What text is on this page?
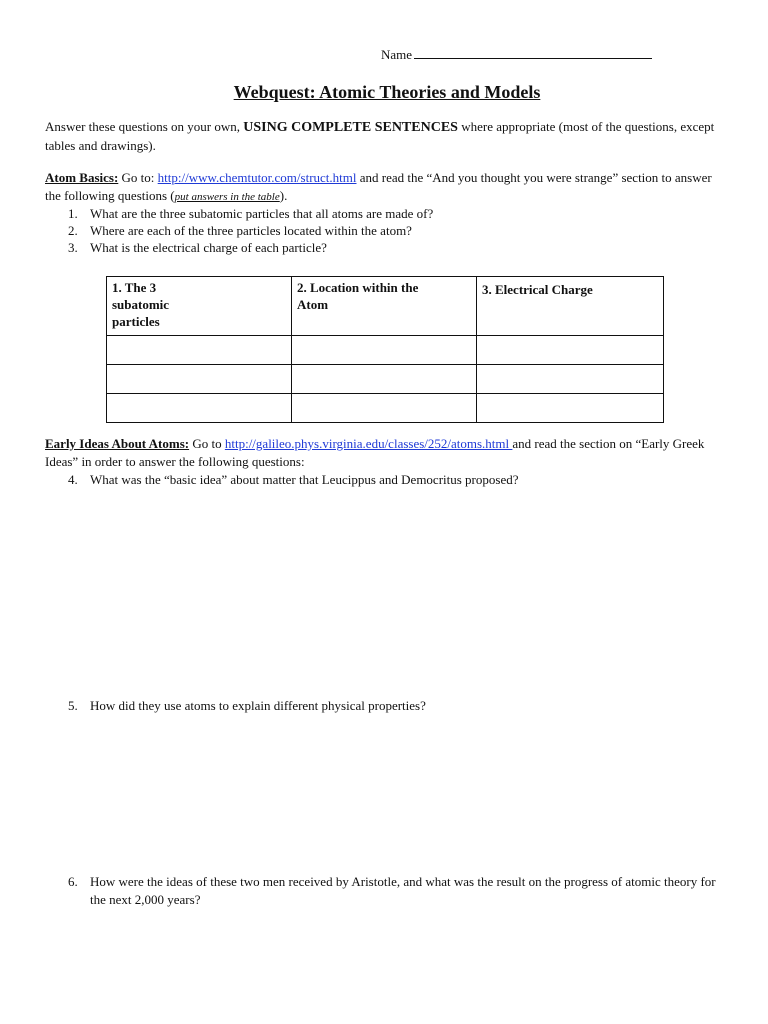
Name
Webquest: Atomic Theories and Models
Answer these questions on your own, USING COMPLETE SENTENCES where appropriate (most of the questions, except tables and drawings).
Atom Basics: Go to: http://www.chemtutor.com/struct.html and read the “And you thought you were strange” section to answer the following questions (put answers in the table).
1. What are the three subatomic particles that all atoms are made of?
2. Where are each of the three particles located within the atom?
3. What is the electrical charge of each particle?
1. The 3 subatomic particles	2. Location within the Atom	3. Electrical Charge

Early Ideas About Atoms: Go to http://galileo.phys.virginia.edu/classes/252/atoms.html and read the section on “Early Greek Ideas” in order to answer the following questions:
4. What was the “basic idea” about matter that Leucippus and Democritus proposed?
5. How did they use atoms to explain different physical properties?
6. How were the ideas of these two men received by Aristotle, and what was the result on the progress of atomic theory for the next 2,000 years?
